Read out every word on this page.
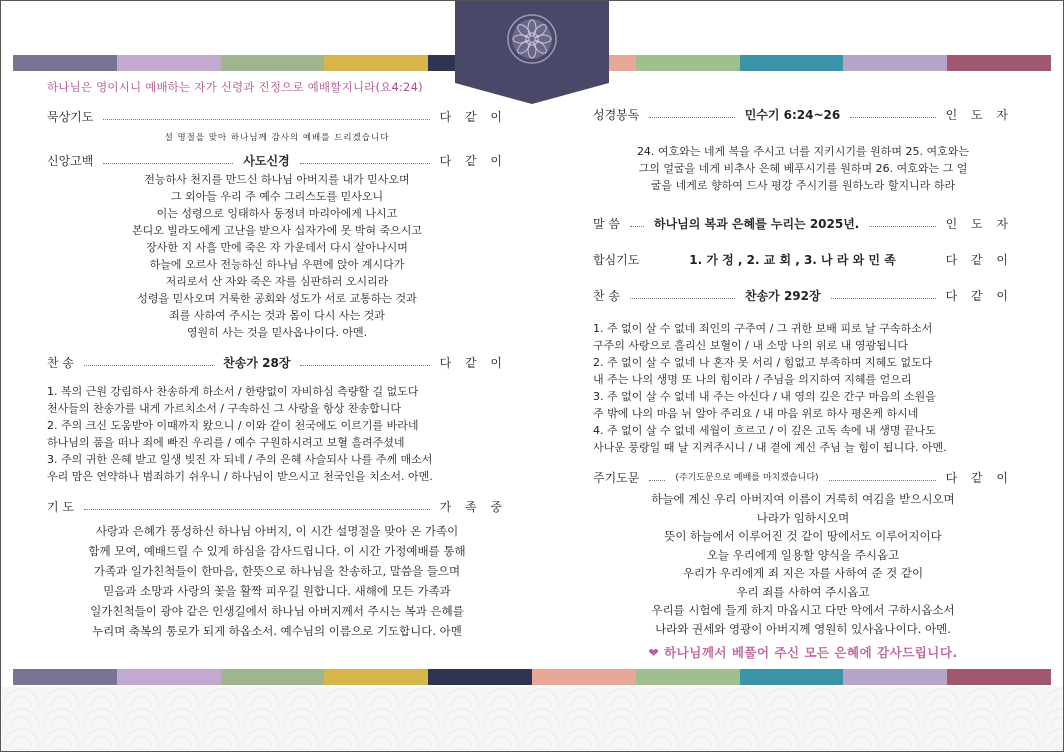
하나님은 영이시니 예배하는 자가 신령과 진정으로 예배할지니라(요4:24)
묵상기도	다 같 이
설 명절을 맞아 하나님께 감사의 예배를 드리겠습니다
신앙고백	사도신경	다 같 이
전능하사 천지를 만드신 하나님 아버지를 내가 믿사오며
그 외아들 우리 주 예수 그리스도를 믿사오니
이는 성령으로 잉태하사 동정녀 마리아에게 나시고
본디오 빌라도에게 고난을 받으사 십자가에 못 박혀 죽으시고
장사한 지 사흘 만에 죽은 자 가운데서 다시 살아나시며
하늘에 오르사 전능하신 하나님 우편에 앉아 계시다가
저리로서 산 자와 죽은 자를 심판하러 오시리라
성령을 믿사오며 거룩한 공회와 성도가 서로 교통하는 것과
죄를 사하여 주시는 것과 몸이 다시 사는 것과
영원히 사는 것을 믿사옵나이다. 아멘.
찬 송	찬송가 28장	다 같 이
1. 복의 근원 강림하사 찬송하게 하소서 / 한량없이 자비하심 측량할 길 없도다
천사들의 찬송가를 내게 가르치소서 / 구속하신 그 사랑을 항상 찬송합니다
2. 주의 크신 도움받아 이때까지 왔으니 / 이와 같이 천국에도 이르기를 바라네
하나님의 품을 떠나 죄에 빠진 우리를 / 예수 구원하시려고 보혈 흘려주셨네
3. 주의 귀한 은혜 받고 일생 빚진 자 되네 / 주의 은혜 사슬되사 나를 주께 매소서
우리 맘은 연약하나 범죄하기 쉬우니 / 하나님이 받으시고 천국인을 치소서. 아멘.
기 도	가 족 중
사랑과 은혜가 풍성하신 하나님 아버지, 이 시간 설명절을 맞아 온 가족이
함께 모여, 예배드릴 수 있게 하심을 감사드립니다. 이 시간 가정예배를 통해
가족과 일가친척들이 한마음, 한뜻으로 하나님을 찬송하고, 말씀을 들으며
믿음과 소망과 사랑의 꽃을 활짝 피우길 원합니다. 새해에 모든 가족과
일가친척들이 광야 같은 인생길에서 하나님 아버지께서 주시는 복과 은혜를
누리며 축복의 통로가 되게 하옵소서. 예수님의 이름으로 기도합니다. 아멘
성경봉독	민수기 6:24~26	인 도 자
24. 여호와는 네게 복을 주시고 너를 지키시기를 원하며 25. 여호와는
그의 얼굴을 네게 비추사 은혜 베푸시기를 원하며 26. 여호와는 그 얼
굴을 네게로 향하여 드사 평강 주시기를 원하노라 할지니라 하라
말 씀	하나님의 복과 은혜를 누리는 2025년.	인 도 자
합심기도	1. 가 정 , 2. 교 회 , 3. 나 라 와 민 족	다 같 이
찬 송	찬송가 292장	다 같 이
1. 주 없이 살 수 없네 죄인의 구주여 / 그 귀한 보배 피로 날 구속하소서
구주의 사랑으로 흘리신 보혈이 / 내 소망 나의 위로 내 영광됩니다
2. 주 없이 살 수 없네 나 혼자 못 서리 / 힘없고 부족하며 지혜도 없도다
내 주는 나의 생명 또 나의 힘이라 / 주님을 의지하여 지혜를 얻으리
3. 주 없이 살 수 없네 내 주는 아신다 / 내 영의 깊은 간구 마음의 소원을
주 밖에 나의 마음 뉘 알아 주리요 / 내 마음 위로 하사 평온케 하시네
4. 주 없이 살 수 없네 세월이 흐르고 / 이 깊은 고독 속에 내 생명 끝나도
사나운 풍랑일 때 날 지켜주시니 / 내 곁에 계신 주님 늘 힘이 됩니다. 아멘.
주기도문	(주기도문으로 예배를 마치겠습니다)	다 같 이
하늘에 계신 우리 아버지여 이름이 거룩히 여김을 받으시오며
나라가 임하시오며
뜻이 하늘에서 이루어진 것 같이 땅에서도 이루어지이다
오늘 우리에게 일용할 양식을 주시옵고
우리가 우리에게 죄 지은 자를 사하여 준 것 같이
우리 죄를 사하여 주시옵고
우리를 시험에 들게 하지 마옵시고 다만 악에서 구하시옵소서
나라와 권세와 영광이 아버지께 영원히 있사옵나이다. 아멘.
❤ 하나님께서 베풀어 주신 모든 은혜에 감사드립니다.
